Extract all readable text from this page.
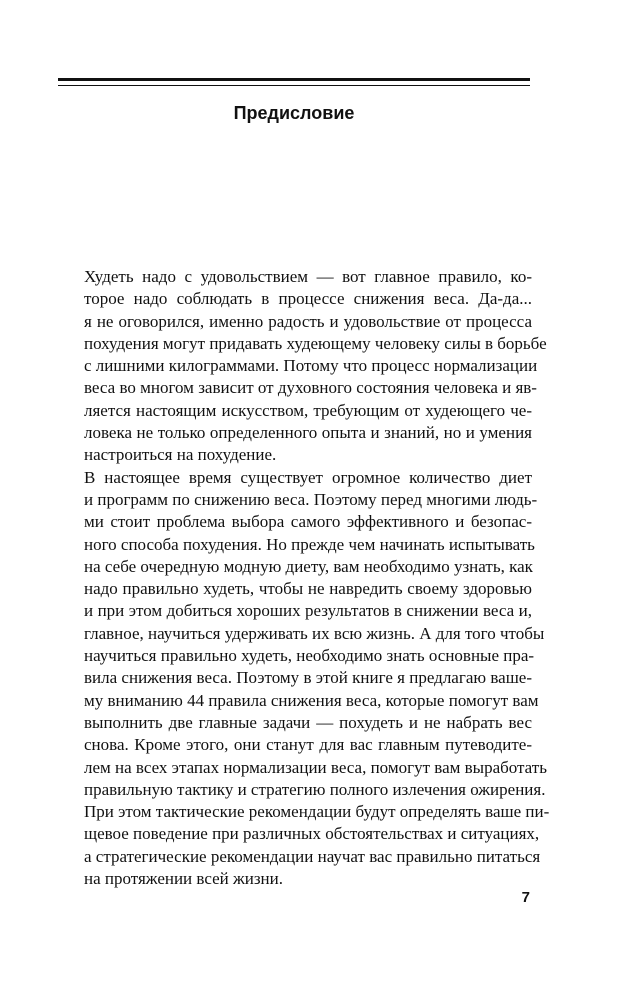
Предисловие

Худеть надо с удовольствием — вот главное правило, ко-
торое надо соблюдать в процессе снижения веса. Да-да...
я не оговорился, именно радость и удовольствие от процесса
похудения могут придавать худеющему человеку силы в борьбе
с лишними килограммами. Потому что процесс нормализации
веса во многом зависит от духовного состояния человека и яв-
ляется настоящим искусством, требующим от худеющего че-
ловека не только определенного опыта и знаний, но и умения
настроиться на похудение.

В настоящее время существует огромное количество диет
и программ по снижению веса. Поэтому перед многими людь-
ми стоит проблема выбора самого эффективного и безопас-
ного способа похудения. Но прежде чем начинать испытывать
на себе очередную модную диету, вам необходимо узнать, как
надо правильно худеть, чтобы не навредить своему здоровью
и при этом добиться хороших результатов в снижении веса и,
главное, научиться удерживать их всю жизнь. А для того чтобы
научиться правильно худеть, необходимо знать основные пра-
вила снижения веса. Поэтому в этой книге я предлагаю ваше-
му вниманию 44 правила снижения веса, которые помогут вам
выполнить две главные задачи — похудеть и не набрать вес
снова. Кроме этого, они станут для вас главным путеводите-
лем на всех этапах нормализации веса, помогут вам выработать
правильную тактику и стратегию полного излечения ожирения.
При этом тактические рекомендации будут определять ваше пи-
щевое поведение при различных обстоятельствах и ситуациях,
а стратегические рекомендации научат вас правильно питаться
на протяжении всей жизни.

7
